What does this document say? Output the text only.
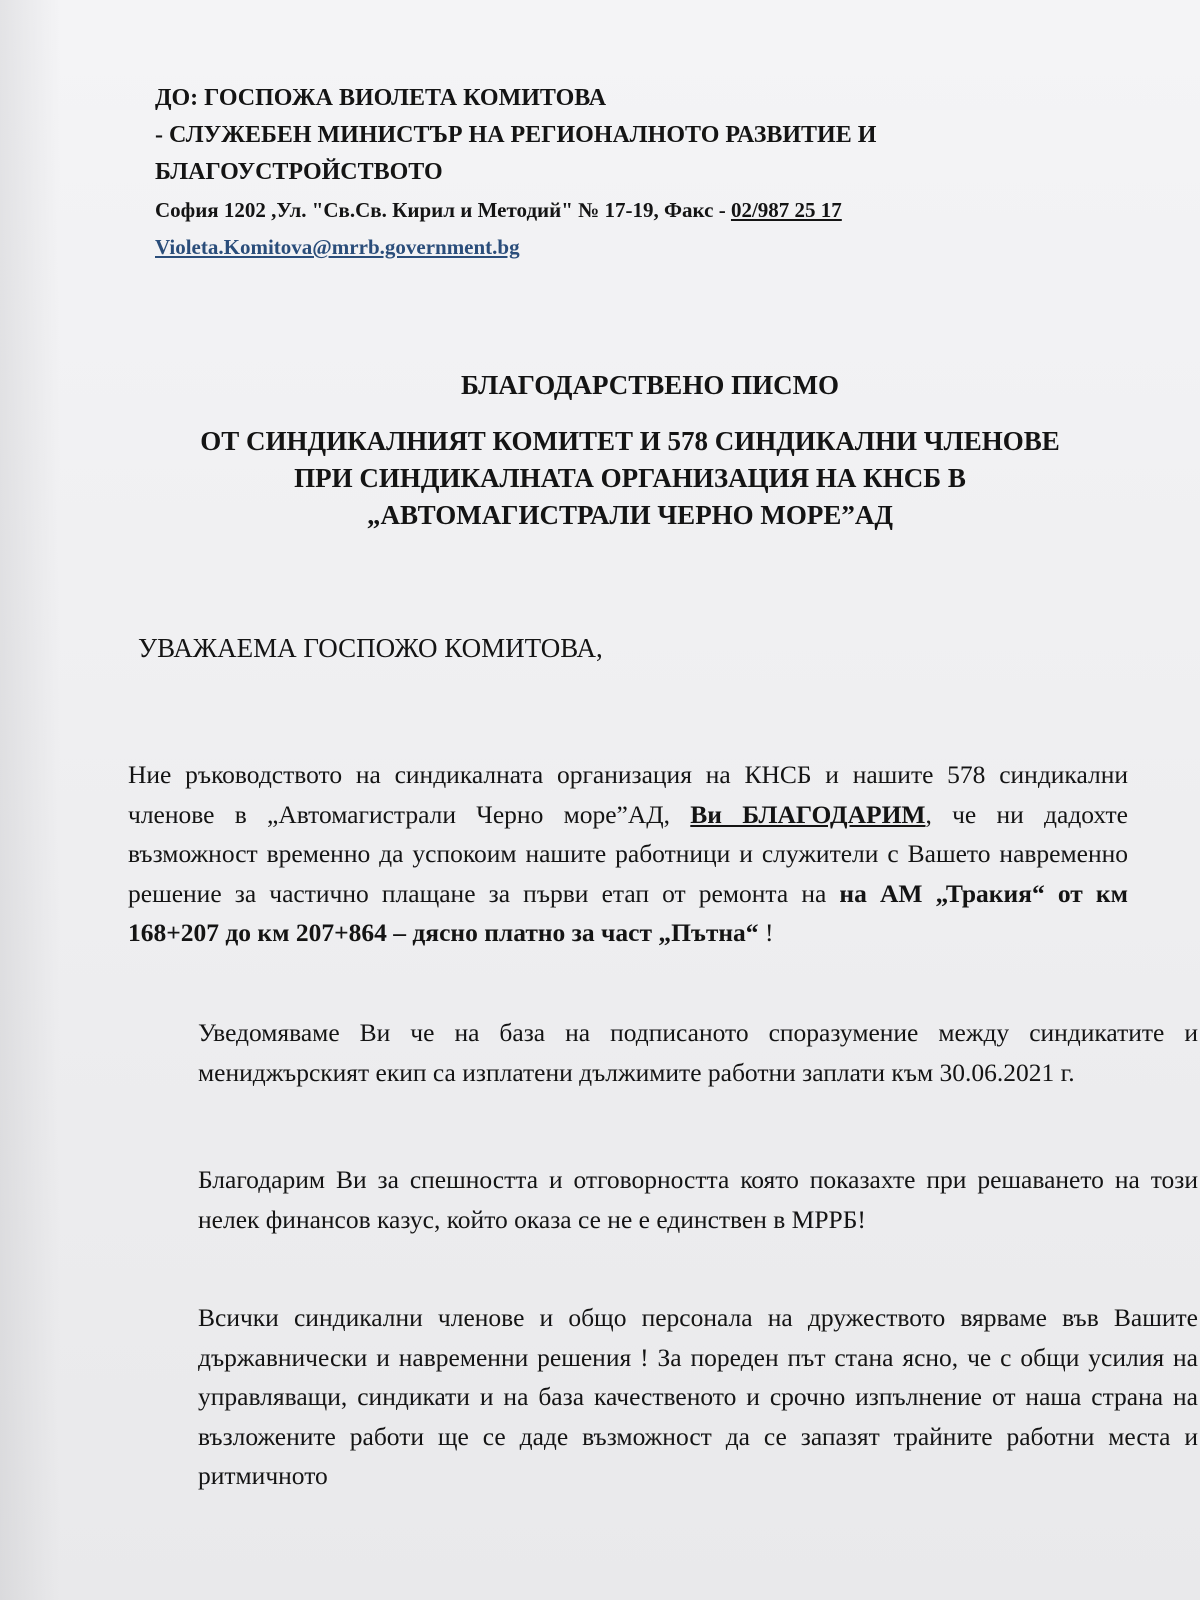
ДО: ГОСПОЖА ВИОЛЕТА КОМИТОВА
- СЛУЖЕБЕН МИНИСТЪР НА РЕГИОНАЛНОТО РАЗВИТИЕ И
БЛАГОУСТРОЙСТВОТО
София 1202 ,Ул. "Св.Св. Кирил и Методий" № 17-19, Факс - 02/987 25 17
Violeta.Komitova@mrrb.government.bg
БЛАГОДАРСТВЕНО ПИСМО
ОТ СИНДИКАЛНИЯТ КОМИТЕТ И 578 СИНДИКАЛНИ ЧЛЕНОВЕ
ПРИ СИНДИКАЛНАТА ОРГАНИЗАЦИЯ НА КНСБ В
„АВТОМАГИСТРАЛИ ЧЕРНО МОРЕ”АД
УВАЖАЕМА ГОСПОЖО КОМИТОВА,
Ние ръководството на синдикалната организация на КНСБ и нашите 578 синдикални членове в „Автомагистрали Черно море”АД, Ви БЛАГОДАРИМ, че ни дадохте възможност временно да успокоим нашите работници и служители с Вашето навременно решение за частично плащане за първи етап от ремонта на на АМ „Тракия“ от км 168+207 до км 207+864 – дясно платно за част „Пътна“ !
Уведомяваме Ви че на база на подписаното споразумение между синдикатите и мениджърският екип са изплатени дължимите работни заплати към 30.06.2021 г.
Благодарим Ви за спешността и отговорността която показахте при решаването на този нелек финансов казус, който оказа се не е единствен в МРРБ!
Всички синдикални членове и общо персонала на дружеството вярваме във Вашите държавнически и навременни решения ! За пореден път стана ясно, че с общи усилия на управляващи, синдикати и на база качественото и срочно изпълнение от наша страна на възложените работи ще се даде възможност да се запазят трайните работни места и ритмичното
